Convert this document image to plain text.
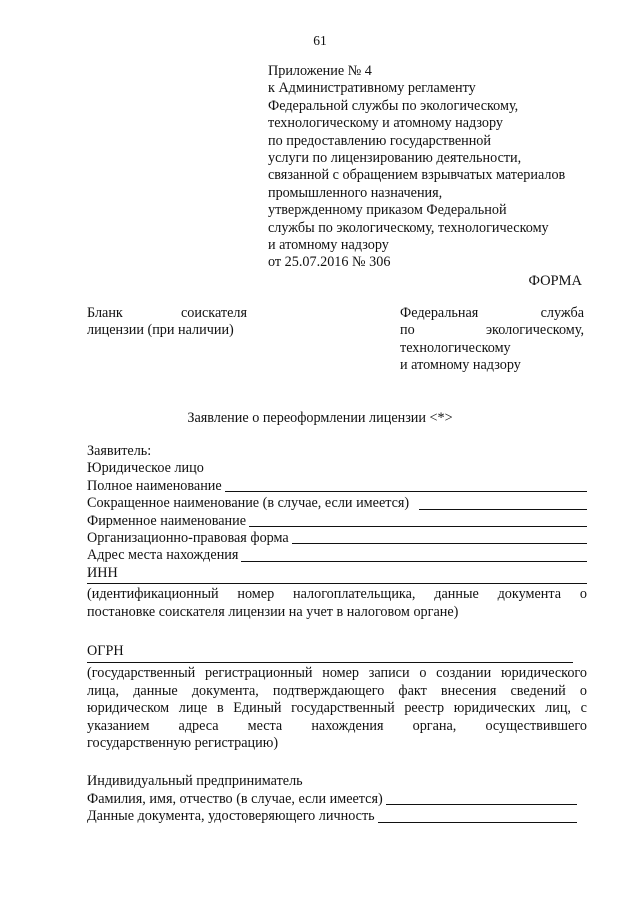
61
Приложение № 4
к Административному регламенту
Федеральной службы по экологическому,
технологическому и атомному надзору
по предоставлению государственной
услуги по лицензированию деятельности,
связанной с обращением взрывчатых материалов
промышленного назначения,
утвержденному приказом Федеральной
службы по экологическому, технологическому
и атомному надзору
от 25.07.2016 № 306
ФОРМА
Бланк	соискателя
лицензии (при наличии)
Федеральная	служба
по	экологическому,
технологическому
и атомному надзору
Заявление о переоформлении лицензии <*>
Заявитель:
Юридическое лицо
Полное наименование
Сокращенное наименование (в случае, если имеется)
Фирменное наименование
Организационно-правовая форма
Адрес места нахождения
ИНН
(идентификационный номер налогоплательщика, данные документа о
постановке соискателя лицензии на учет в налоговом органе)
ОГРН
(государственный регистрационный номер записи о создании юридического
лица, данные документа, подтверждающего факт внесения сведений о
юридическом лице в Единый государственный реестр юридических лиц, с
указанием адреса места нахождения органа, осуществившего
государственную регистрацию)
Индивидуальный предприниматель
Фамилия, имя, отчество (в случае, если имеется)
Данные документа, удостоверяющего личность
